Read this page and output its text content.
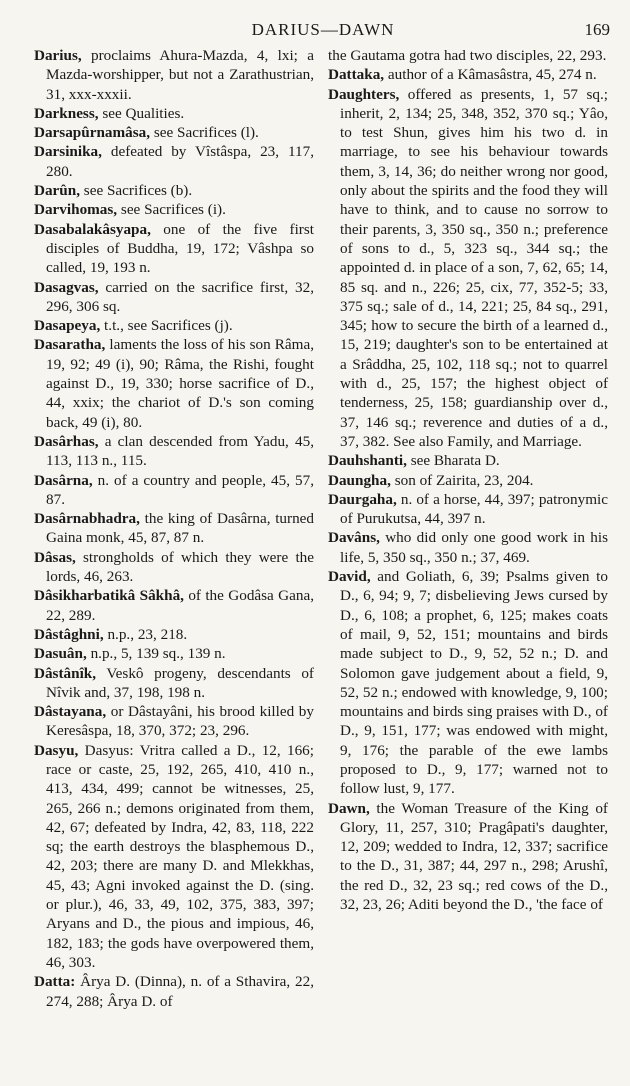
DARIUS—DAWN	169

Darius, proclaims Ahura-Mazda, 4, lxi; a Mazda-worshipper, but not a Zarathustrian, 31, xxx-xxxii.

Darkness, see Qualities.

Darsapûrnamâsa, see Sacrifices (l).

Darsinika, defeated by Vîstâspa, 23, 117, 280.

Darûn, see Sacrifices (b).

Darvihomas, see Sacrifices (i).

Dasabalakâsyapa, one of the five first disciples of Buddha, 19, 172; Vâshpa so called, 19, 193 n.

Dasagvas, carried on the sacrifice first, 32, 296, 306 sq.

Dasapeya, t.t., see Sacrifices (j).

Dasaratha, laments the loss of his son Râma, 19, 92; 49 (i), 90; Râma, the Rishi, fought against D., 19, 330; horse sacrifice of D., 44, xxix; the chariot of D.'s son coming back, 49 (i), 80.

Dasârhas, a clan descended from Yadu, 45, 113, 113 n., 115.

Dasârna, n. of a country and people, 45, 57, 87.

Dasârnabhadra, the king of Dasârna, turned Gaina monk, 45, 87, 87 n.

Dâsas, strongholds of which they were the lords, 46, 263.

Dâsikharbatikâ Sâkhâ, of the Godâsa Gana, 22, 289.

Dâstâghni, n.p., 23, 218.

Dasuân, n.p., 5, 139 sq., 139 n.

Dâstânîk, Veskô progeny, descendants of Nîvik and, 37, 198, 198 n.

Dâstayana, or Dâstayâni, his brood killed by Keresâspa, 18, 370, 372; 23, 296.

Dasyu, Dasyus: Vritra called a D., 12, 166; race or caste, 25, 192, 265, 410, 410 n., 413, 434, 499; cannot be witnesses, 25, 265, 266 n.; demons originated from them, 42, 67; defeated by Indra, 42, 83, 118, 222 sq; the earth destroys the blasphemous D., 42, 203; there are many D. and Mlekkhas, 45, 43; Agni invoked against the D. (sing. or plur.), 46, 33, 49, 102, 375, 383, 397; Aryans and D., the pious and impious, 46, 182, 183; the gods have overpowered them, 46, 303.

Datta: Ârya D. (Dinna), n. of a Sthavira, 22, 274, 288; Ârya D. of

the Gautama gotra had two disciples, 22, 293.

Dattaka, author of a Kâmasâstra, 45, 274 n.

Daughters, offered as presents, 1, 57 sq.; inherit, 2, 134; 25, 348, 352, 370 sq.; Yâo, to test Shun, gives him his two d. in marriage, to see his behaviour towards them, 3, 14, 36; do neither wrong nor good, only about the spirits and the food they will have to think, and to cause no sorrow to their parents, 3, 350 sq., 350 n.; preference of sons to d., 5, 323 sq., 344 sq.; the appointed d. in place of a son, 7, 62, 65; 14, 85 sq. and n., 226; 25, cix, 77, 352-5; 33, 375 sq.; sale of d., 14, 221; 25, 84 sq., 291, 345; how to secure the birth of a learned d., 15, 219; daughter's son to be entertained at a Srâddha, 25, 102, 118 sq.; not to quarrel with d., 25, 157; the highest object of tenderness, 25, 158; guardianship over d., 37, 146 sq.; reverence and duties of a d., 37, 382. See also Family, and Marriage.

Dauhshanti, see Bharata D.

Daungha, son of Zairita, 23, 204.

Daurgaha, n. of a horse, 44, 397; patronymic of Purukutsa, 44, 397 n.

Davâns, who did only one good work in his life, 5, 350 sq., 350 n.; 37, 469.

David, and Goliath, 6, 39; Psalms given to D., 6, 94; 9, 7; disbelieving Jews cursed by D., 6, 108; a prophet, 6, 125; makes coats of mail, 9, 52, 151; mountains and birds made subject to D., 9, 52, 52 n.; D. and Solomon gave judgement about a field, 9, 52, 52 n.; endowed with knowledge, 9, 100; mountains and birds sing praises with D., of D., 9, 151, 177; was endowed with might, 9, 176; the parable of the ewe lambs proposed to D., 9, 177; warned not to follow lust, 9, 177.

Dawn, the Woman Treasure of the King of Glory, 11, 257, 310; Pragâpati's daughter, 12, 209; wedded to Indra, 12, 337; sacrifice to the D., 31, 387; 44, 297 n., 298; Arushî, the red D., 32, 23 sq.; red cows of the D., 32, 23, 26; Aditi beyond the D., 'the face of
